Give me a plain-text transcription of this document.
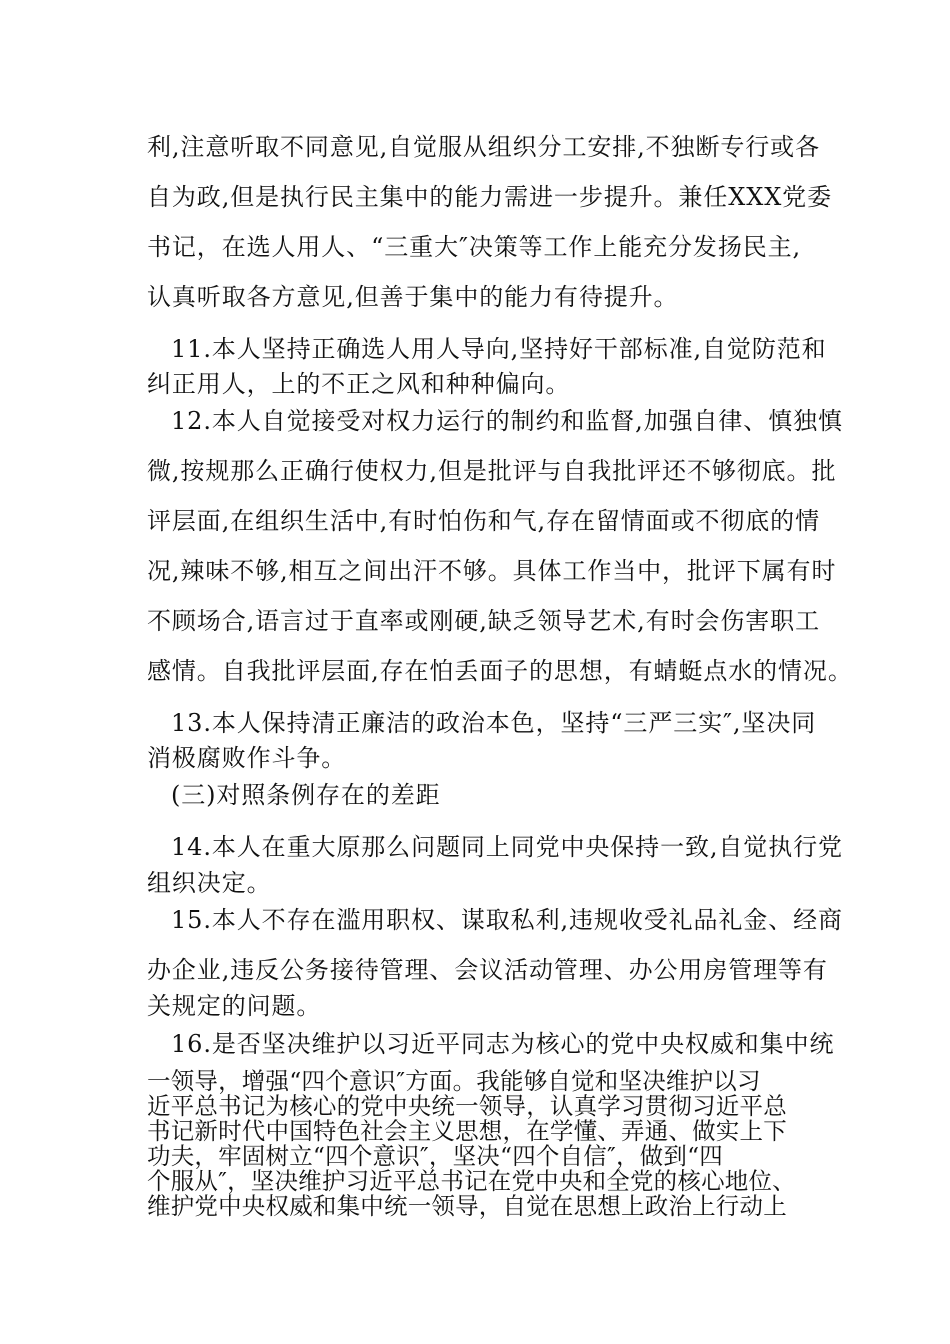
利,注意听取不同意见,自觉服从组织分工安排,不独断专行或各
自为政,但是执行民主集中的能力需进一步提升。兼任XXX党委
书记，在选人用人、“三重大″决策等工作上能充分发扬民主,
认真听取各方意见,但善于集中的能力有待提升。
11.本人坚持正确选人用人导向,坚持好干部标准,自觉防范和
纠正用人，上的不正之风和种种偏向。
12.本人自觉接受对权力运行的制约和监督,加强自律、慎独慎
微,按规那么正确行使权力,但是批评与自我批评还不够彻底。批
评层面,在组织生活中,有时怕伤和气,存在留情面或不彻底的情
况,辣味不够,相互之间出汗不够。具体工作当中，批评下属有时
不顾场合,语言过于直率或刚硬,缺乏领导艺术,有时会伤害职工
感情。自我批评层面,存在怕丢面子的思想，有蜻蜓点水的情况。
13.本人保持清正廉洁的政治本色，坚持“三严三实″,坚决同
消极腐败作斗争。
(三)对照条例存在的差距
14.本人在重大原那么问题同上同党中央保持一致,自觉执行党
组织决定。
15.本人不存在滥用职权、谋取私利,违规收受礼品礼金、经商
办企业,违反公务接待管理、会议活动管理、办公用房管理等有
关规定的问题。
16.是否坚决维护以习近平同志为核心的党中央权威和集中统
一领导，增强“四个意识″方面。我能够自觉和坚决维护以习
近平总书记为核心的党中央统一领导，认真学习贯彻习近平总
书记新时代中国特色社会主义思想，在学懂、弄通、做实上下
功夫，牢固树立“四个意识″，坚决“四个自信″，做到“四
个服从″，坚决维护习近平总书记在党中央和全党的核心地位、
维护党中央权威和集中统一领导，自觉在思想上政治上行动上
